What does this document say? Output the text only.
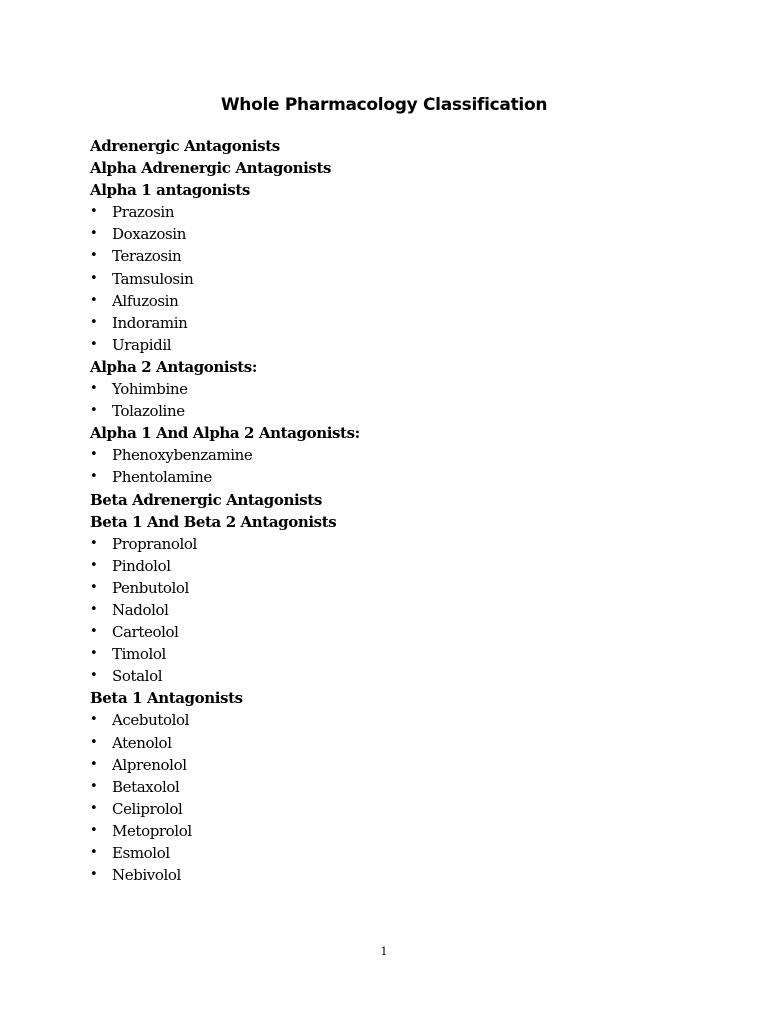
Whole Pharmacology Classification
Adrenergic Antagonists
Alpha Adrenergic Antagonists
Alpha 1 antagonists
• Prazosin
• Doxazosin
• Terazosin
• Tamsulosin
• Alfuzosin
• Indoramin
• Urapidil
Alpha 2 Antagonists:
• Yohimbine
• Tolazoline
Alpha 1 And Alpha 2 Antagonists:
• Phenoxybenzamine
• Phentolamine
Beta Adrenergic Antagonists
Beta 1 And Beta 2 Antagonists
• Propranolol
• Pindolol
• Penbutolol
• Nadolol
• Carteolol
• Timolol
• Sotalol
Beta 1 Antagonists
• Acebutolol
• Atenolol
• Alprenolol
• Betaxolol
• Celiprolol
• Metoprolol
• Esmolol
• Nebivolol
1
